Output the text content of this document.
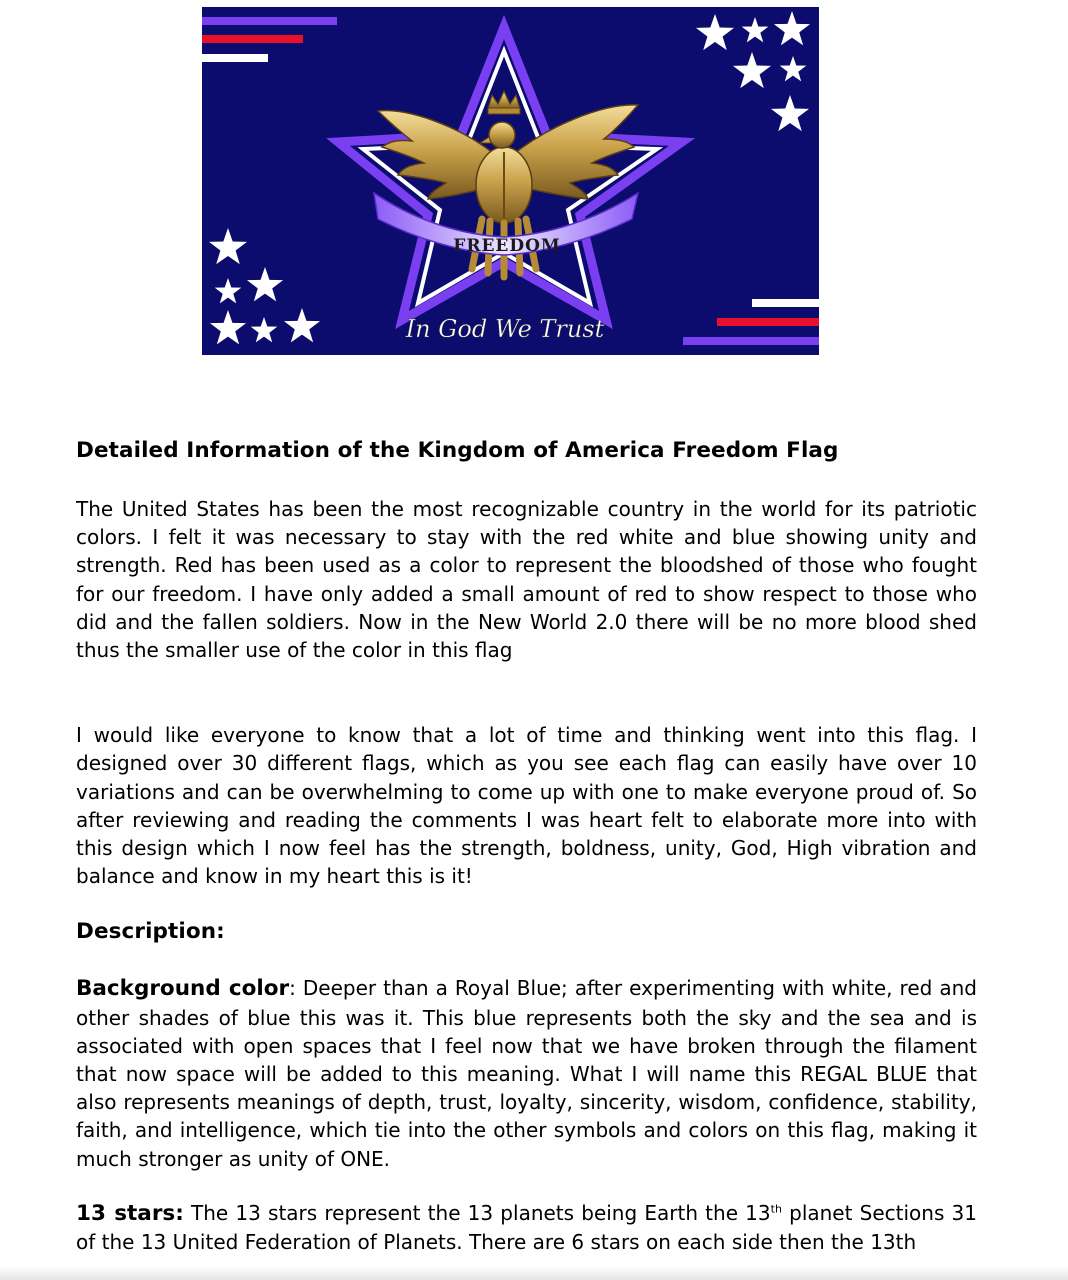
FREEDOM
In God We Trust

Detailed Information of the Kingdom of America Freedom Flag

The United States has been the most recognizable country in the world for its patriotic colors. I felt it was necessary to stay with the red white and blue showing unity and strength. Red has been used as a color to represent the bloodshed of those who fought for our freedom. I have only added a small amount of red to show respect to those who did and the fallen soldiers. Now in the New World 2.0 there will be no more blood shed thus the smaller use of the color in this flag

I would like everyone to know that a lot of time and thinking went into this flag. I designed over 30 different flags, which as you see each flag can easily have over 10 variations and can be overwhelming to come up with one to make everyone proud of. So after reviewing and reading the comments I was heart felt to elaborate more into with this design which I now feel has the strength, boldness, unity, God, High vibration and balance and know in my heart this is it!

Description:

Background color: Deeper than a Royal Blue; after experimenting with white, red and other shades of blue this was it. This blue represents both the sky and the sea and is associated with open spaces that I feel now that we have broken through the filament that now space will be added to this meaning. What I will name this REGAL BLUE that also represents meanings of depth, trust, loyalty, sincerity, wisdom, confidence, stability, faith, and intelligence, which tie into the other symbols and colors on this flag, making it much stronger as unity of ONE.

13 stars: The 13 stars represent the 13 planets being Earth the 13th planet Sections 31 of the 13 United Federation of Planets. There are 6 stars on each side then the 13th
